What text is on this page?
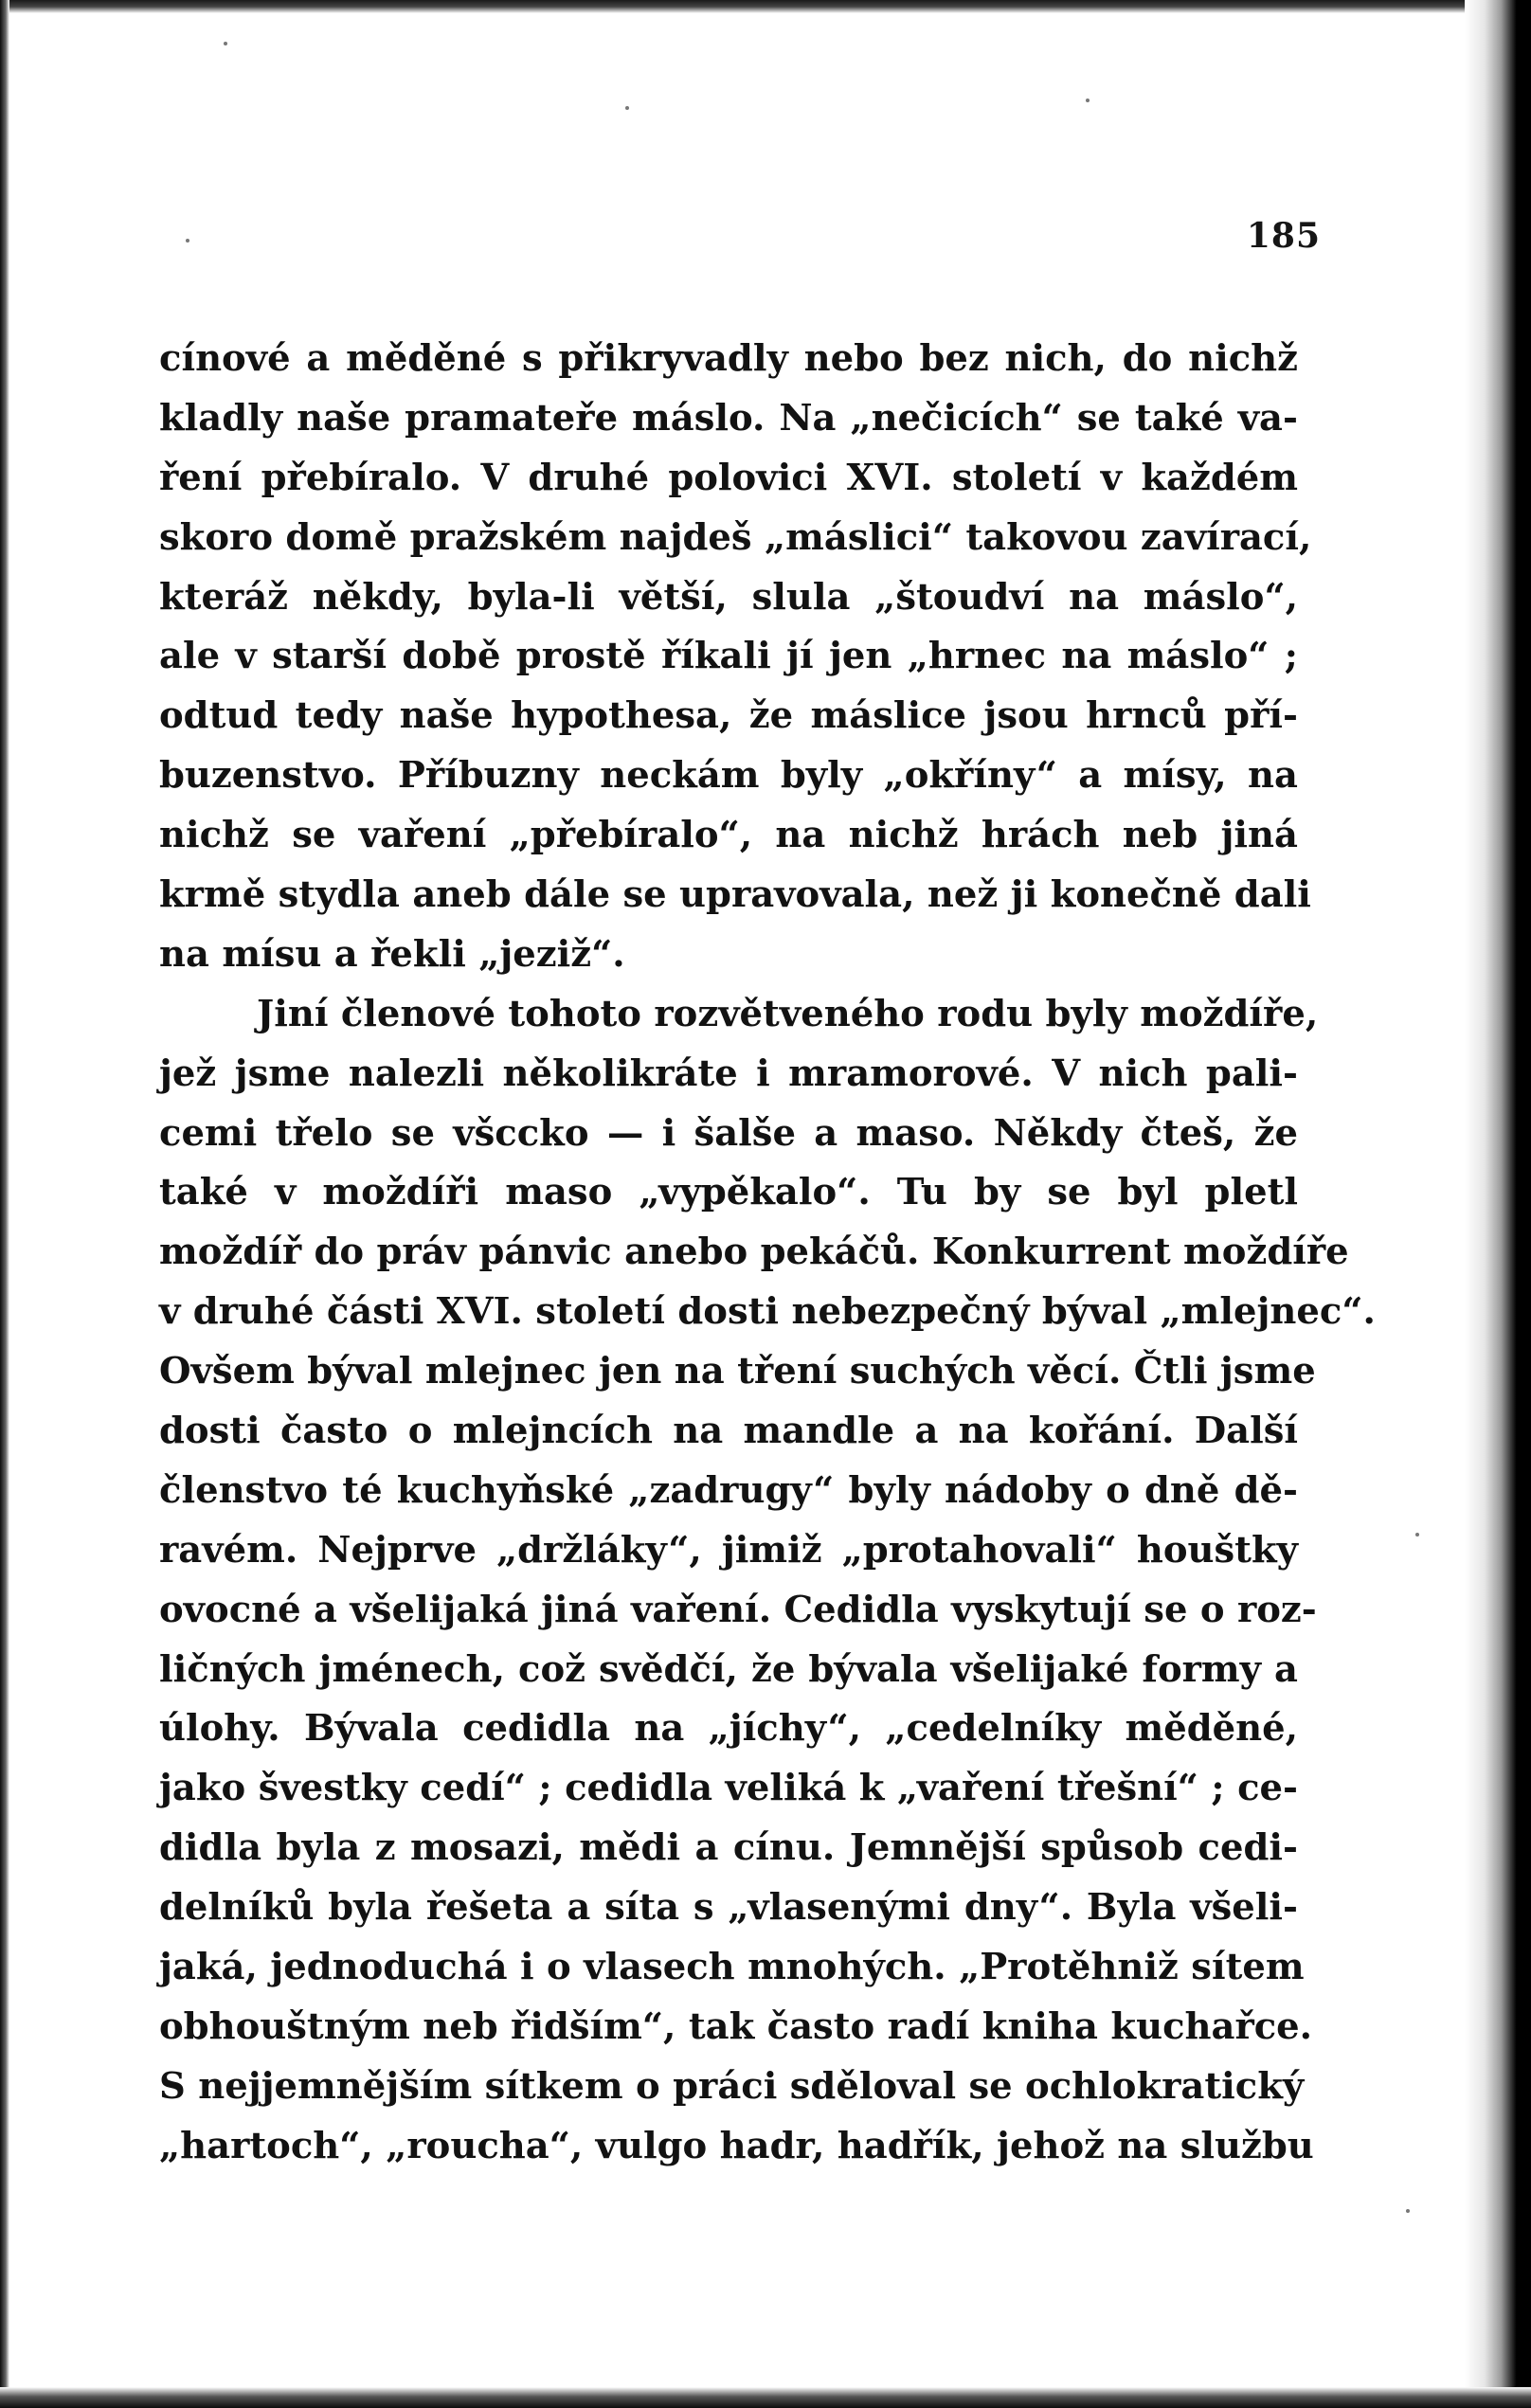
185
cínové a měděné s přikryvadly nebo bez nich, do nichž
kladly naše pramateře máslo. Na „nečicích“ se také va-
ření přebíralo. V druhé polovici XVI. století v každém
skoro domě pražském najdeš „máslici“ takovou zavírací,
kteráž někdy, byla-li větší, slula „štoudví na máslo“,
ale v starší době prostě říkali jí jen „hrnec na máslo“ ;
odtud tedy naše hypothesa, že máslice jsou hrnců pří-
buzenstvo. Příbuzny neckám byly „okříny“ a mísy, na
nichž se vaření „přebíralo“, na nichž hrách neb jiná
krmě stydla aneb dále se upravovala, než ji konečně dali
na mísu a řekli „jeziž“.
Jiní členové tohoto rozvětveného rodu byly moždíře,
jež jsme nalezli několikráte i mramorové. V nich pali-
cemi třelo se všccko — i šalše a maso. Někdy čteš, že
také v moždíři maso „vypěkalo“. Tu by se byl pletl
moždíř do práv pánvic anebo pekáčů. Konkurrent moždíře
v druhé části XVI. století dosti nebezpečný býval „mlejnec“.
Ovšem býval mlejnec jen na tření suchých věcí. Čtli jsme
dosti často o mlejncích na mandle a na kořání. Další
členstvo té kuchyňské „zadrugy“ byly nádoby o dně dě-
ravém. Nejprve „držláky“, jimiž „protahovali“ houštky
ovocné a všelijaká jiná vaření. Cedidla vyskytují se o roz-
ličných jménech, což svědčí, že bývala všelijaké formy a
úlohy. Bývala cedidla na „jíchy“, „cedelníky měděné,
jako švestky cedí“ ; cedidla veliká k „vaření třešní“ ; ce-
didla byla z mosazi, mědi a cínu. Jemnější spůsob cedi-
delníků byla řešeta a síta s „vlasenými dny“. Byla všeli-
jaká, jednoduchá i o vlasech mnohých. „Protěhniž sítem
obhouštným neb řidším“, tak často radí kniha kuchařce.
S nejjemnějším sítkem o práci sděloval se ochlokratický
„hartoch“, „roucha“, vulgo hadr, hadřík, jehož na službu
